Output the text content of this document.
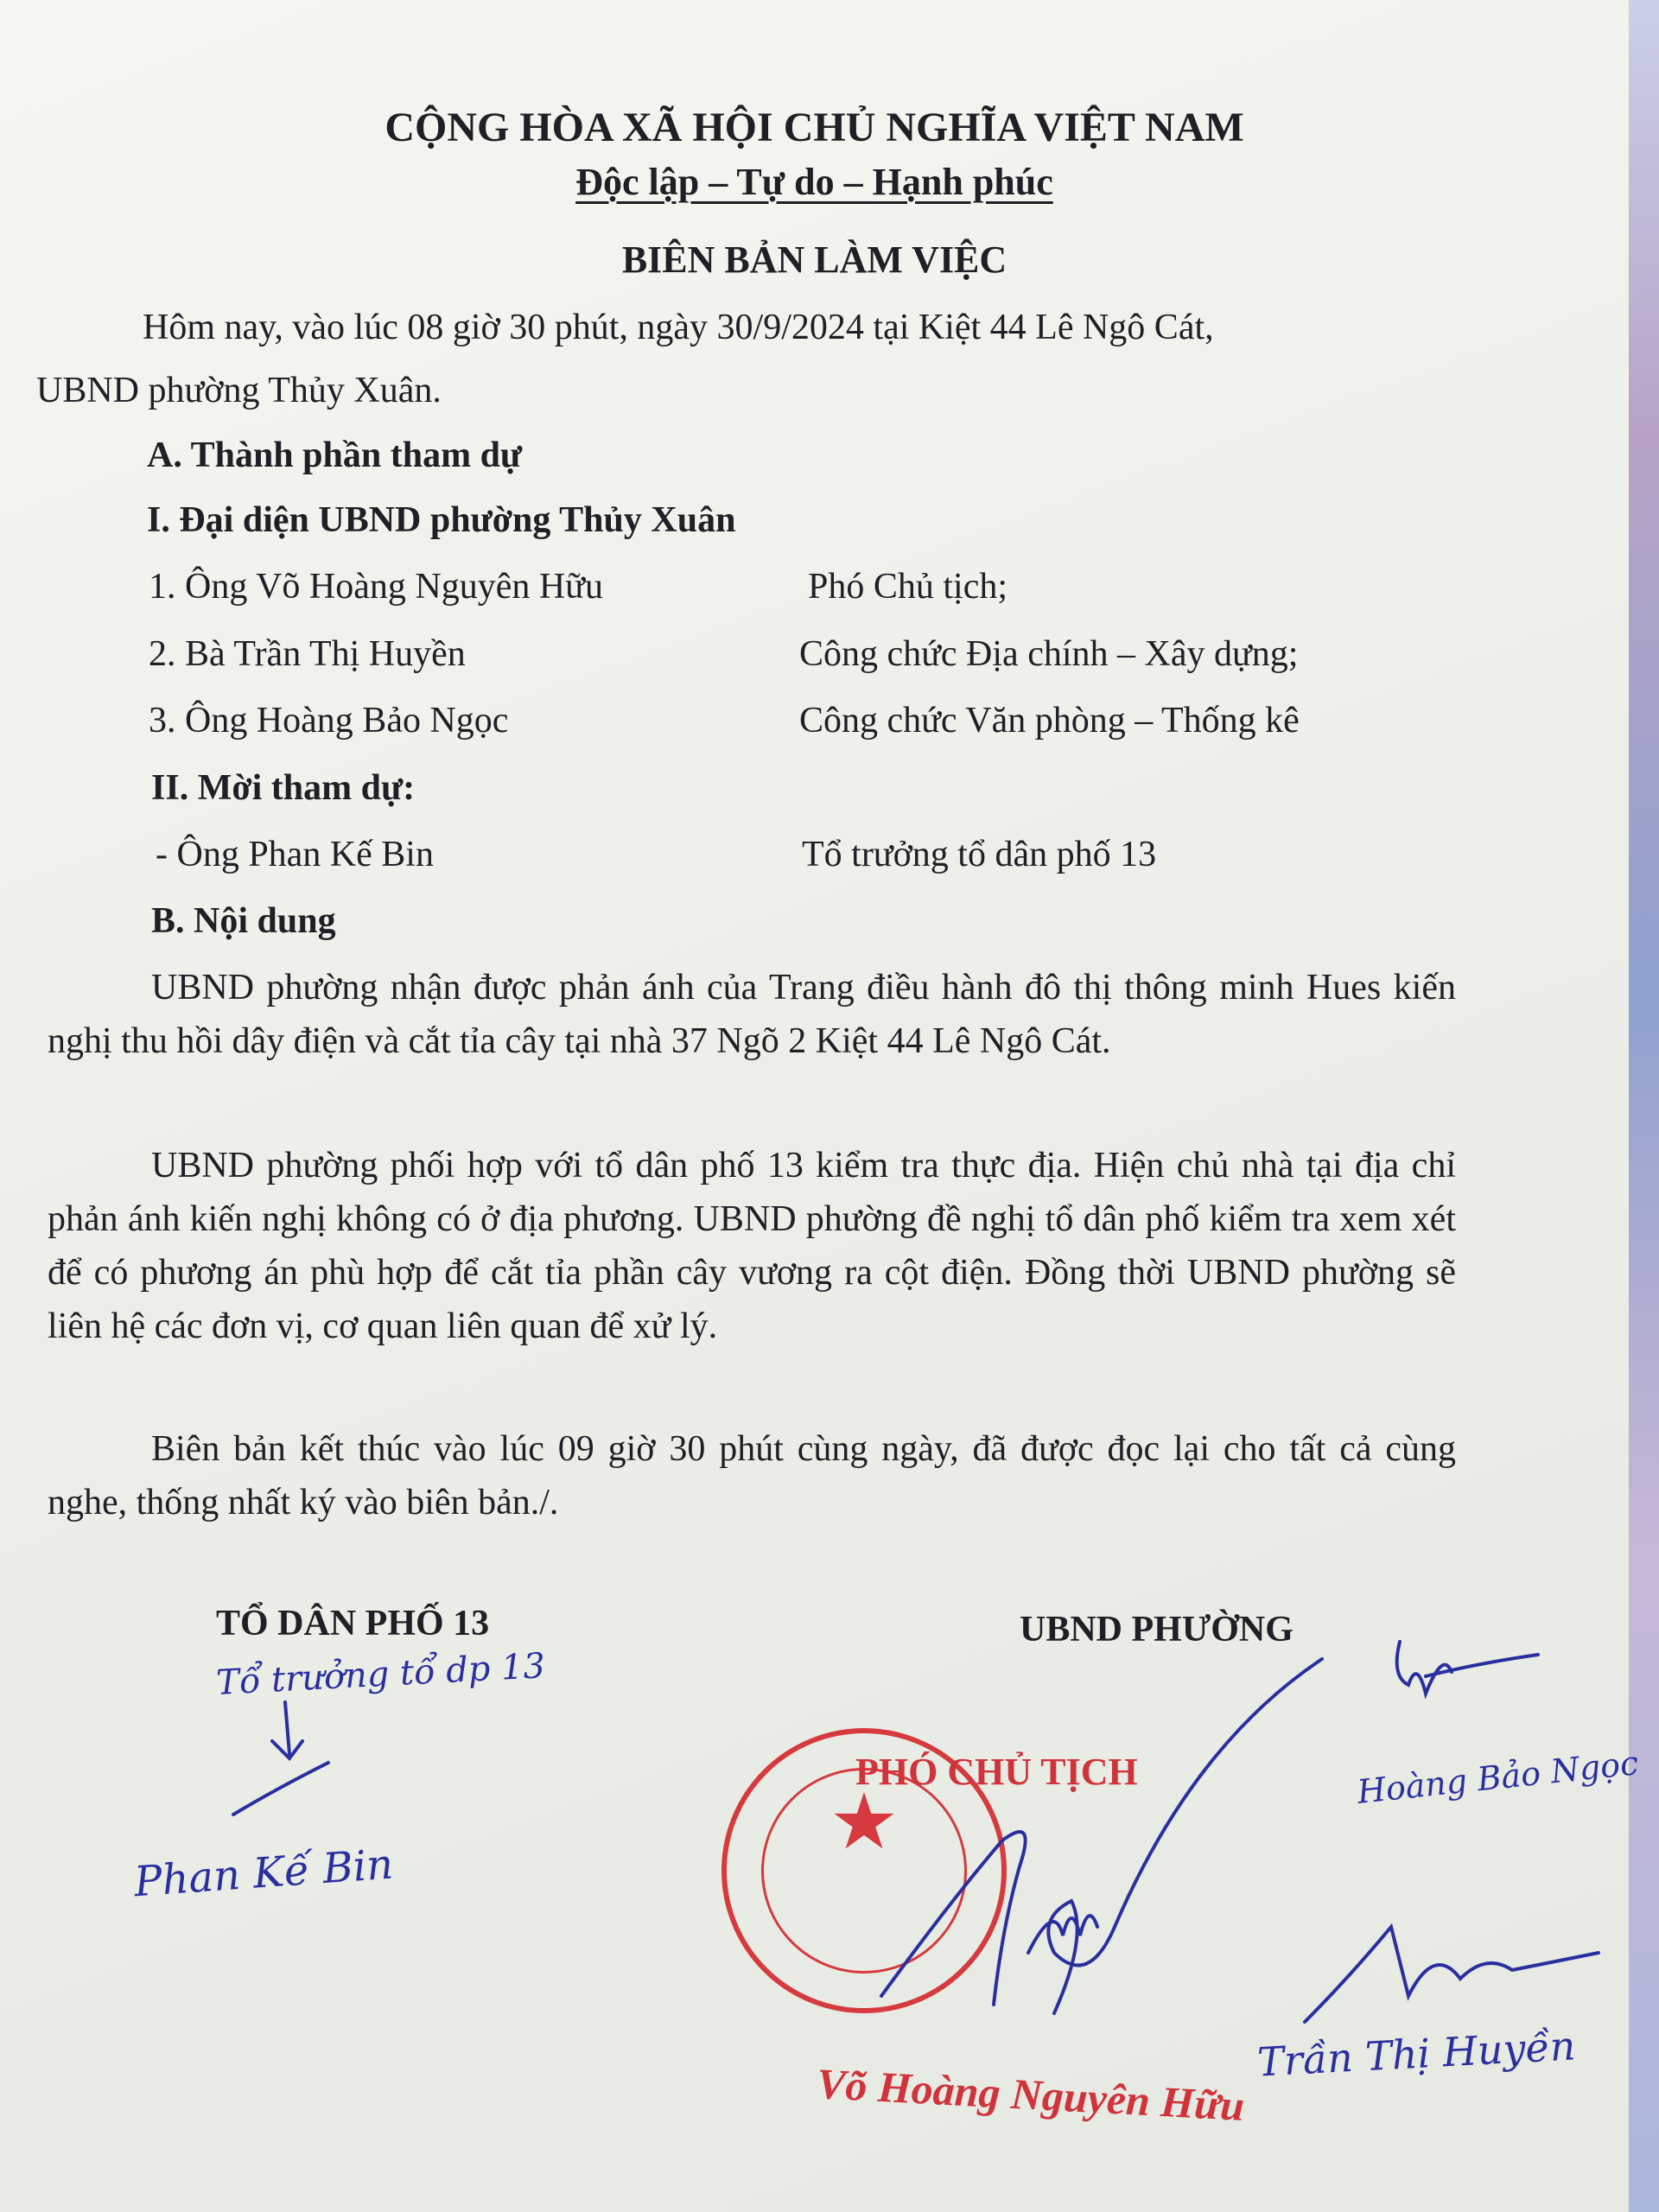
CỘNG HÒA XÃ HỘI CHỦ NGHĨA VIỆT NAM
Độc lập – Tự do – Hạnh phúc
BIÊN BẢN LÀM VIỆC
Hôm nay, vào lúc 08 giờ 30 phút, ngày 30/9/2024 tại Kiệt 44 Lê Ngô Cát,
UBND phường Thủy Xuân.
A. Thành phần tham dự
I. Đại diện UBND phường Thủy Xuân
1. Ông Võ Hoàng Nguyên Hữu	Phó Chủ tịch;
2. Bà Trần Thị Huyền	Công chức Địa chính – Xây dựng;
3. Ông Hoàng Bảo Ngọc	Công chức Văn phòng – Thống kê
II. Mời tham dự:
- Ông Phan Kế Bin	Tổ trưởng tổ dân phố 13
B. Nội dung

UBND phường nhận được phản ánh của Trang điều hành đô thị thông minh Hues kiến nghị thu hồi dây điện và cắt tỉa cây tại nhà 37 Ngõ 2 Kiệt 44 Lê Ngô Cát.

UBND phường phối hợp với tổ dân phố 13 kiểm tra thực địa. Hiện chủ nhà tại địa chỉ phản ánh kiến nghị không có ở địa phương. UBND phường đề nghị tổ dân phố kiểm tra xem xét để có phương án phù hợp để cắt tỉa phần cây vương ra cột điện. Đồng thời UBND phường sẽ liên hệ các đơn vị, cơ quan liên quan để xử lý.

Biên bản kết thúc vào lúc 09 giờ 30 phút cùng ngày, đã được đọc lại cho tất cả cùng nghe, thống nhất ký vào biên bản./.

TỔ DÂN PHỐ 13	UBND PHƯỜNG
Tổ trưởng tổ dp 13
Phan Kế Bin
★
PHÓ CHỦ TỊCH	Hoàng Bảo Ngọc
Trần Thị Huyền
Võ Hoàng Nguyên Hữu
